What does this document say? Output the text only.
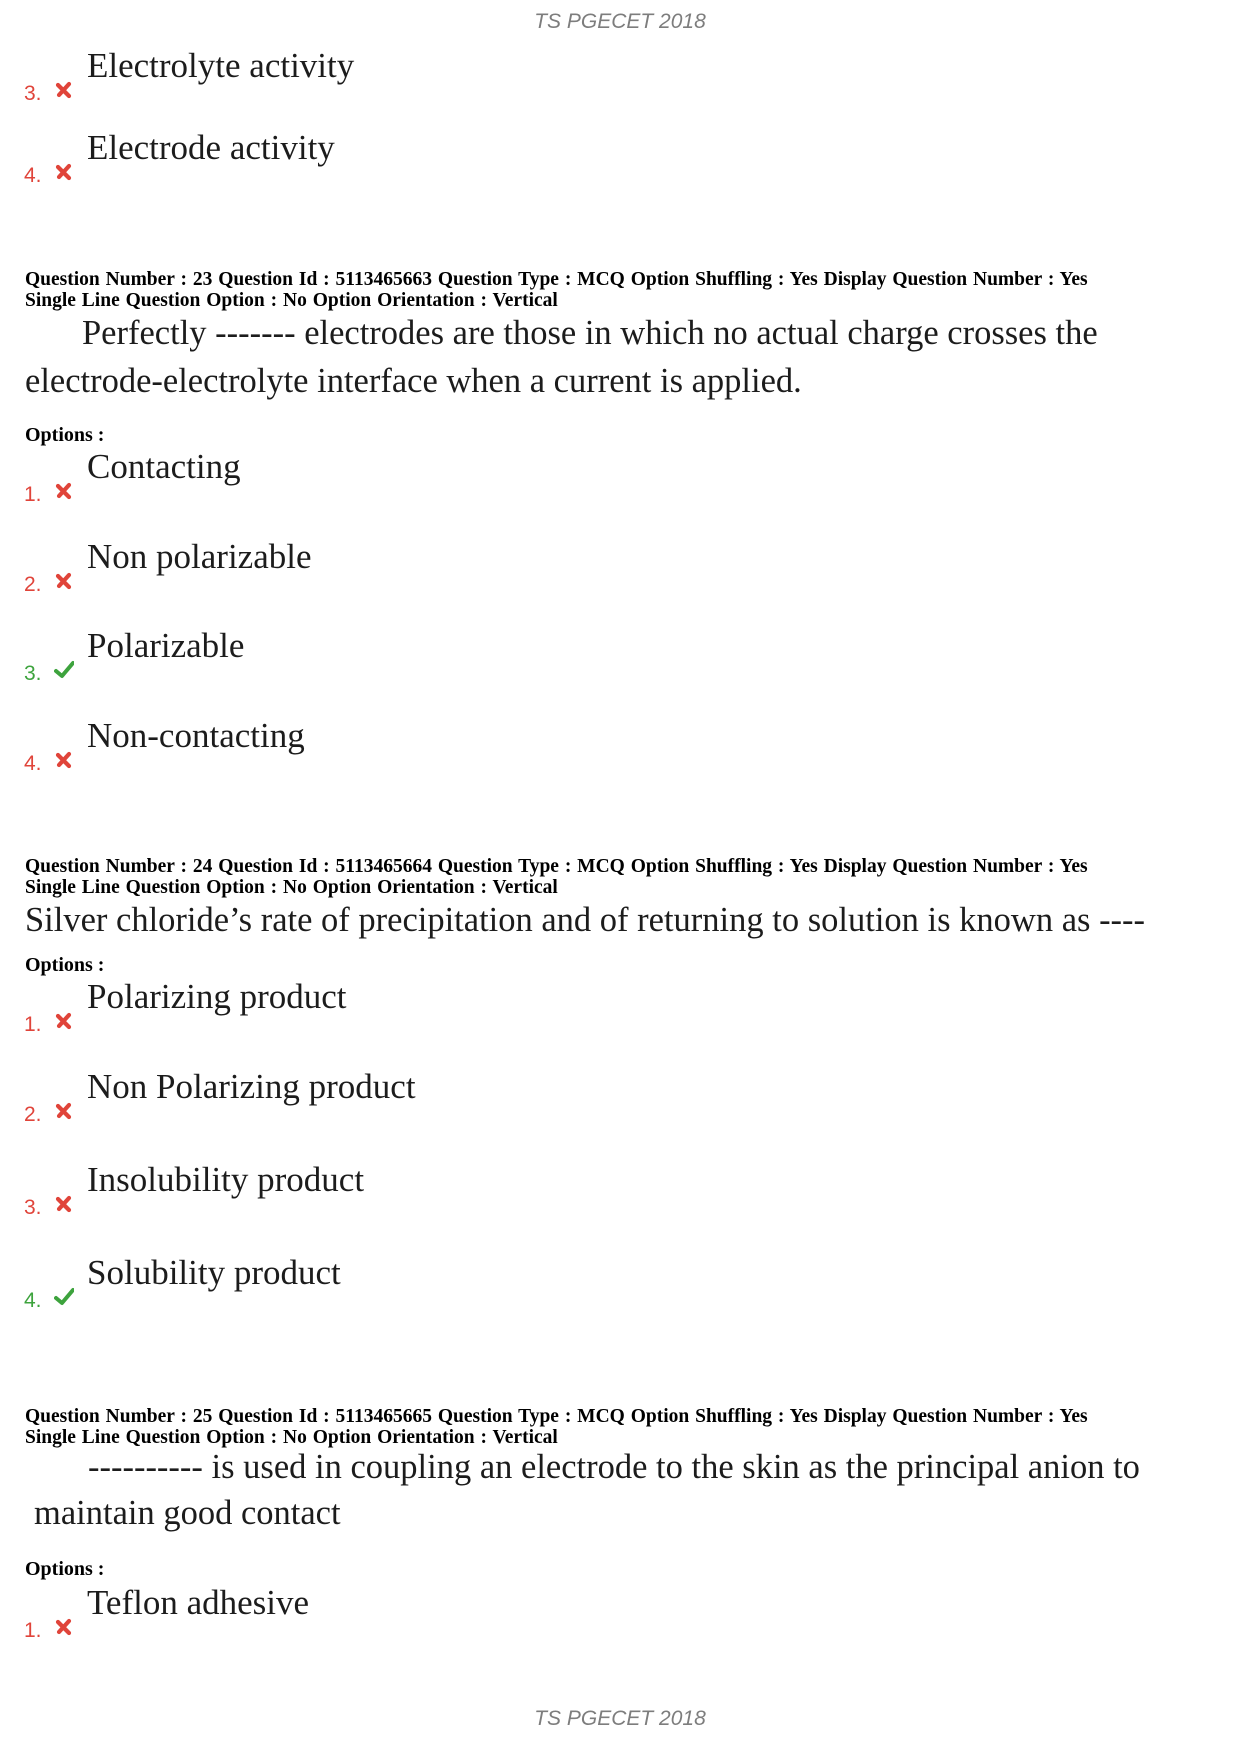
TS PGECET 2018
3.
Electrolyte activity
4.
Electrode activity
Question Number : 23 Question Id : 5113465663 Question Type : MCQ Option Shuffling : Yes Display Question Number : Yes
Single Line Question Option : No Option Orientation : Vertical
Perfectly ------- electrodes are those in which no actual charge crosses the
electrode-electrolyte interface when a current is applied.
Options :
1.
Contacting
2.
Non polarizable
3.
Polarizable
4.
Non-contacting
Question Number : 24 Question Id : 5113465664 Question Type : MCQ Option Shuffling : Yes Display Question Number : Yes
Single Line Question Option : No Option Orientation : Vertical
Silver chloride’s rate of precipitation and of returning to solution is known as ----
Options :
1.
Polarizing product
2.
Non Polarizing product
3.
Insolubility product
4.
Solubility product
Question Number : 25 Question Id : 5113465665 Question Type : MCQ Option Shuffling : Yes Display Question Number : Yes
Single Line Question Option : No Option Orientation : Vertical
---------- is used in coupling an electrode to the skin as the principal anion to
maintain good contact
Options :
1.
Teflon adhesive
TS PGECET 2018
